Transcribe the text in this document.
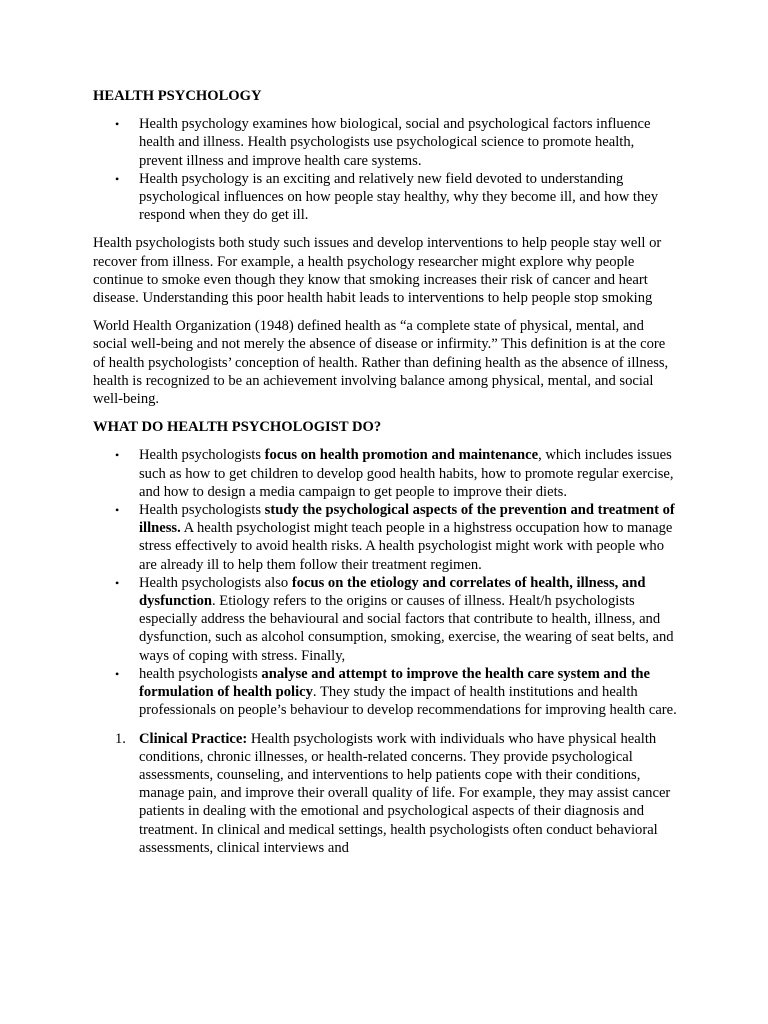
HEALTH PSYCHOLOGY
• Health psychology examines how biological, social and psychological factors influence health and illness. Health psychologists use psychological science to promote health, prevent illness and improve health care systems.
• Health psychology is an exciting and relatively new field devoted to understanding psychological influences on how people stay healthy, why they become ill, and how they respond when they do get ill.

Health psychologists both study such issues and develop interventions to help people stay well or recover from illness. For example, a health psychology researcher might explore why people continue to smoke even though they know that smoking increases their risk of cancer and heart disease. Understanding this poor health habit leads to interventions to help people stop smoking

World Health Organization (1948) defined health as “a complete state of physical, mental, and social well-being and not merely the absence of disease or infirmity.” This definition is at the core of health psychologists’ conception of health. Rather than defining health as the absence of illness, health is recognized to be an achievement involving balance among physical, mental, and social well-being.

WHAT DO HEALTH PSYCHOLOGIST DO?
• Health psychologists focus on health promotion and maintenance, which includes issues such as how to get children to develop good health habits, how to promote regular exercise, and how to design a media campaign to get people to improve their diets.
• Health psychologists study the psychological aspects of the prevention and treatment of illness. A health psychologist might teach people in a highstress occupation how to manage stress effectively to avoid health risks. A health psychologist might work with people who are already ill to help them follow their treatment regimen.
• Health psychologists also focus on the etiology and correlates of health, illness, and dysfunction. Etiology refers to the origins or causes of illness. Healt/h psychologists especially address the behavioural and social factors that contribute to health, illness, and dysfunction, such as alcohol consumption, smoking, exercise, the wearing of seat belts, and ways of coping with stress. Finally,
• health psychologists analyse and attempt to improve the health care system and the formulation of health policy. They study the impact of health institutions and health professionals on people’s behaviour to develop recommendations for improving health care.
1. Clinical Practice: Health psychologists work with individuals who have physical health conditions, chronic illnesses, or health-related concerns. They provide psychological assessments, counseling, and interventions to help patients cope with their conditions, manage pain, and improve their overall quality of life. For example, they may assist cancer patients in dealing with the emotional and psychological aspects of their diagnosis and treatment. In clinical and medical settings, health psychologists often conduct behavioral assessments, clinical interviews and
